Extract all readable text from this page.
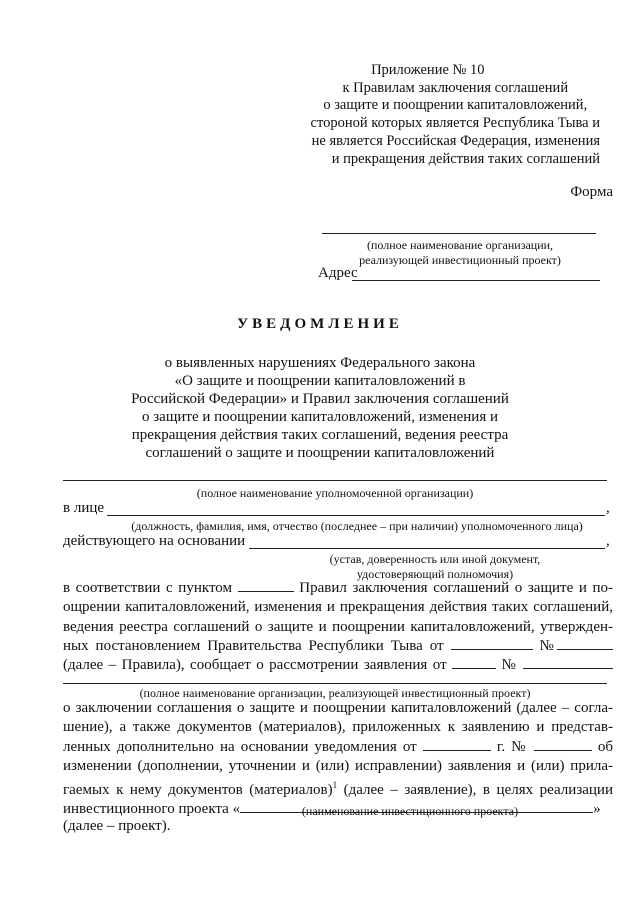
Приложение № 10
к Правилам заключения соглашений
о защите и поощрении капиталовложений,
стороной которых является Республика Тыва и
не является Российская Федерация, изменения
и прекращения действия таких соглашений
Форма
(полное наименование организации,
реализующей инвестиционный проект)
Адрес
УВЕДОМЛЕНИЕ
о выявленных нарушениях Федерального закона
«О защите и поощрении капиталовложений в
Российской Федерации» и Правил заключения соглашений
о защите и поощрении капиталовложений, изменения и
прекращения действия таких соглашений, ведения реестра
соглашений о защите и поощрении капиталовложений
(полное наименование уполномоченной организации)
в лице	,
(должность, фамилия, имя, отчество (последнее – при наличии) уполномоченного лица)
действующего на основании	,
(устав, доверенность или иной документ,
удостоверяющий полномочия)
в соответствии с пунктом	Правил заключения соглашений о защите и по-
ощрении капиталовложений, изменения и прекращения действия таких соглашений,
ведения реестра соглашений о защите и поощрении капиталовложений, утвержден-
ных постановлением Правительства Республики Тыва от	№
(далее – Правила), сообщает о рассмотрении заявления от	№
(полное наименование организации, реализующей инвестиционный проект)
о заключении соглашения о защите и поощрении капиталовложений (далее – согла-
шение), а также документов (материалов), приложенных к заявлению и представ-
ленных дополнительно на основании уведомления от	г. №	об
изменении (дополнении, уточнении и (или) исправлении) заявления и (или) прила-
гаемых к нему документов (материалов)$^1$ (далее – заявление), в целях реализации
инвестиционного проекта «	»
(наименование инвестиционного проекта)
(далее – проект).
